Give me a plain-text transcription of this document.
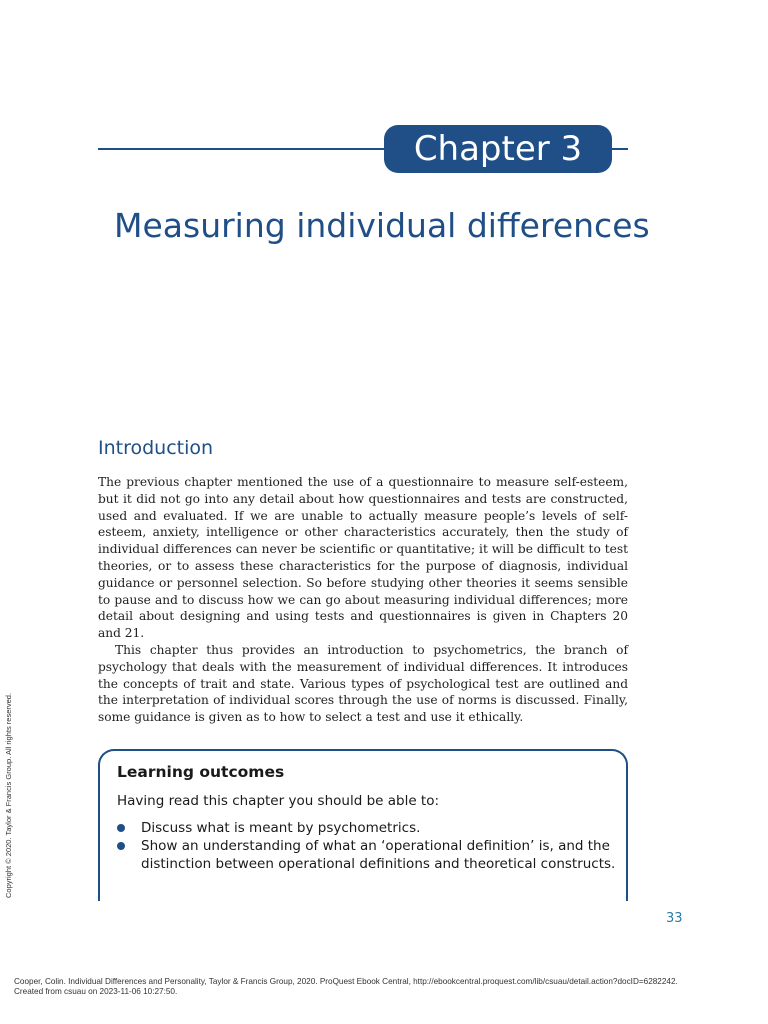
Chapter 3
Measuring individual differences
Introduction

The previous chapter mentioned the use of a questionnaire to measure self-esteem, but it did not go into any detail about how questionnaires and tests are constructed, used and evaluated. If we are unable to actually measure people’s levels of self-esteem, anxiety, intelligence or other characteristics accurately, then the study of individual differences can never be scientific or quantitative; it will be difficult to test theories, or to assess these characteristics for the purpose of diagnosis, individual guidance or personnel selection. So before studying other theories it seems sensible to pause and to discuss how we can go about measuring individual differences; more detail about designing and using tests and questionnaires is given in Chapters 20 and 21.

This chapter thus provides an introduction to psychometrics, the branch of psychology that deals with the measurement of individual differences. It introduces the concepts of trait and state. Various types of psychological test are outlined and the interpretation of individual scores through the use of norms is discussed. Finally, some guidance is given as to how to select a test and use it ethically.

Learning outcomes
Having read this chapter you should be able to:
Discuss what is meant by psychometrics.
Show an understanding of what an ‘operational definition’ is, and the distinction between operational definitions and theoretical constructs.
33
Copyright © 2020. Taylor & Francis Group. All rights reserved.
Cooper, Colin. Individual Differences and Personality, Taylor & Francis Group, 2020. ProQuest Ebook Central, http://ebookcentral.proquest.com/lib/csuau/detail.action?docID=6282242.
Created from csuau on 2023-11-06 10:27:50.
